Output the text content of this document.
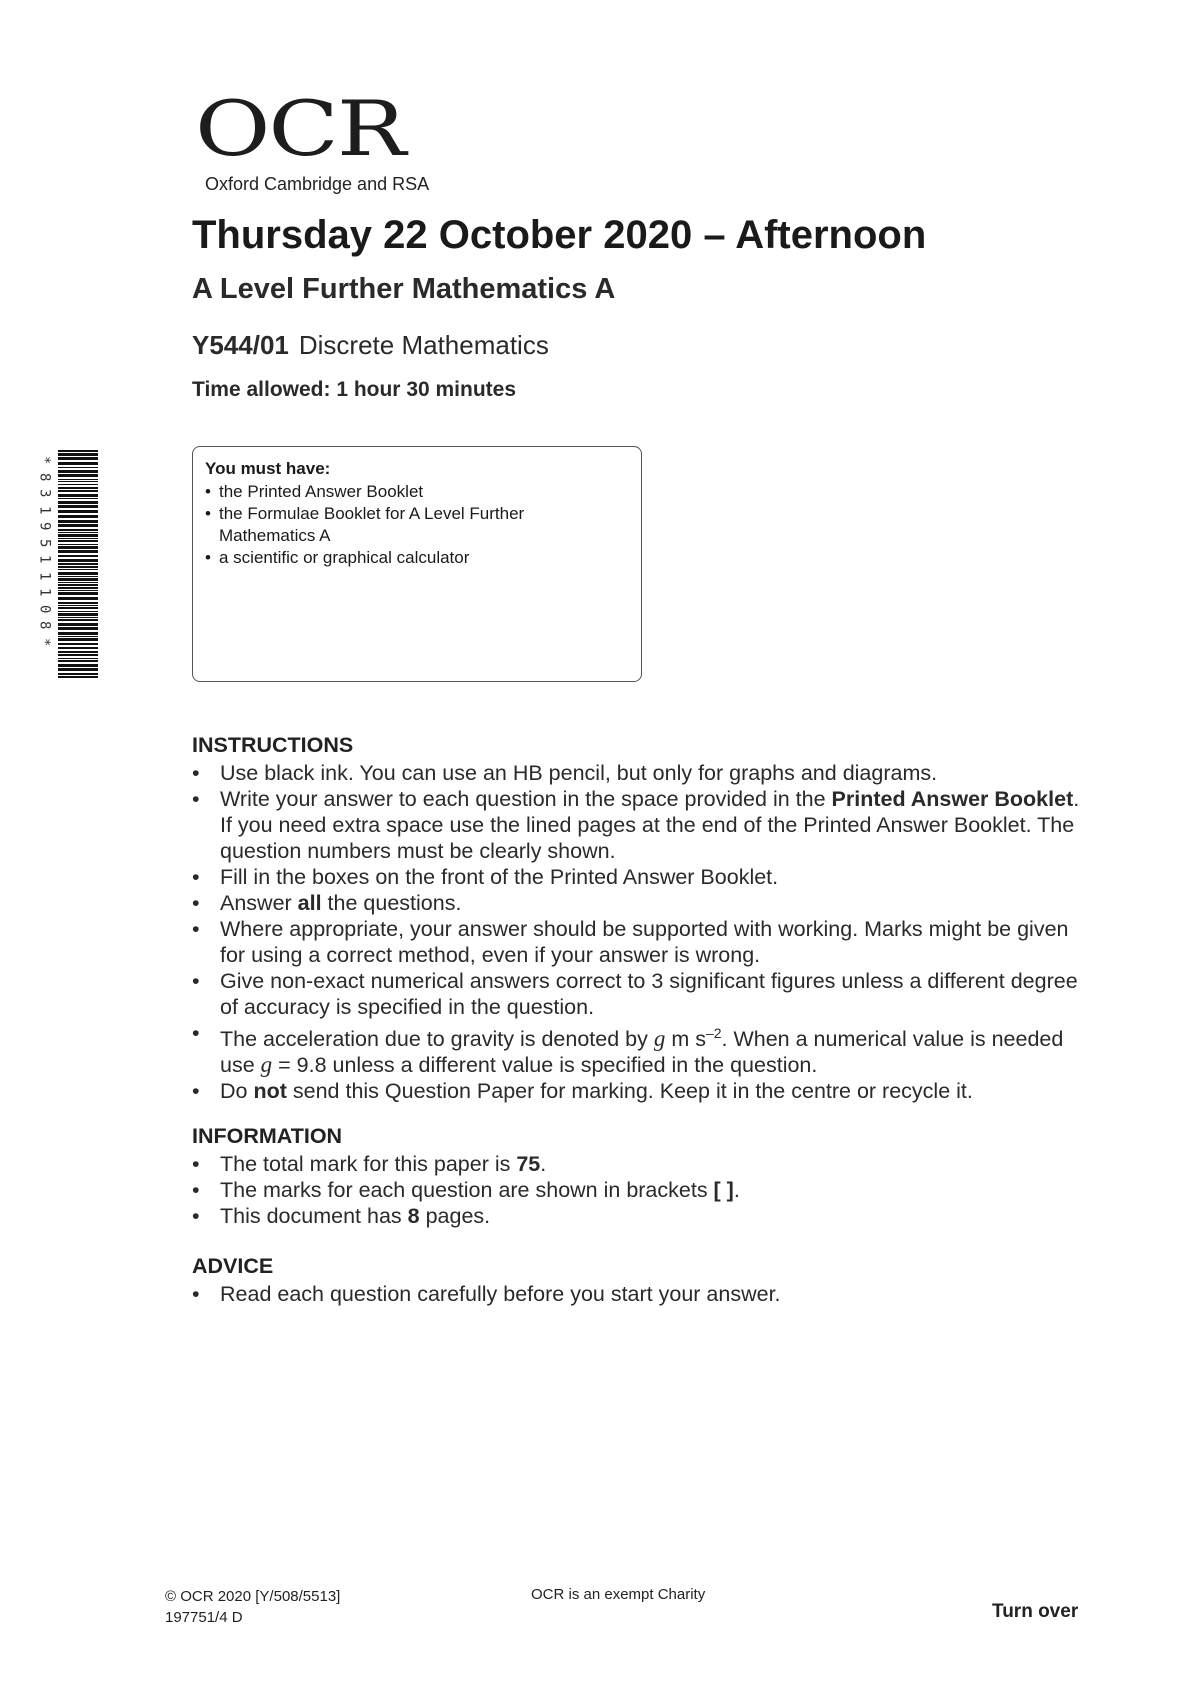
OCR
Oxford Cambridge and RSA
Thursday 22 October 2020 – Afternoon
A Level Further Mathematics A

Y544/01 Discrete Mathematics

Time allowed: 1 hour 30 minutes

*
8
3
1
9
5
1
1
1
0
8
*

You must have:

• the Printed Answer Booklet
• the Formulae Booklet for A Level Further Mathematics A
• a scientific or graphical calculator
INSTRUCTIONS
• Use black ink. You can use an HB pencil, but only for graphs and diagrams.
• Write your answer to each question in the space provided in the Printed Answer Booklet. If you need extra space use the lined pages at the end of the Printed Answer Booklet. The question numbers must be clearly shown.
• Fill in the boxes on the front of the Printed Answer Booklet.
• Answer all the questions.
• Where appropriate, your answer should be supported with working. Marks might be given for using a correct method, even if your answer is wrong.
• Give non-exact numerical answers correct to 3 significant figures unless a different degree of accuracy is specified in the question.
• The acceleration due to gravity is denoted by g m $s^{-2}$. When a numerical value is needed use g = 9.8 unless a different value is specified in the question.
• Do not send this Question Paper for marking. Keep it in the centre or recycle it.
INFORMATION
• The total mark for this paper is 75.
• The marks for each question are shown in brackets [ ].
• This document has 8 pages.
ADVICE
• Read each question carefully before you start your answer.
© OCR 2020 [Y/508/5513]
197751/4 D
OCR is an exempt Charity
Turn over
